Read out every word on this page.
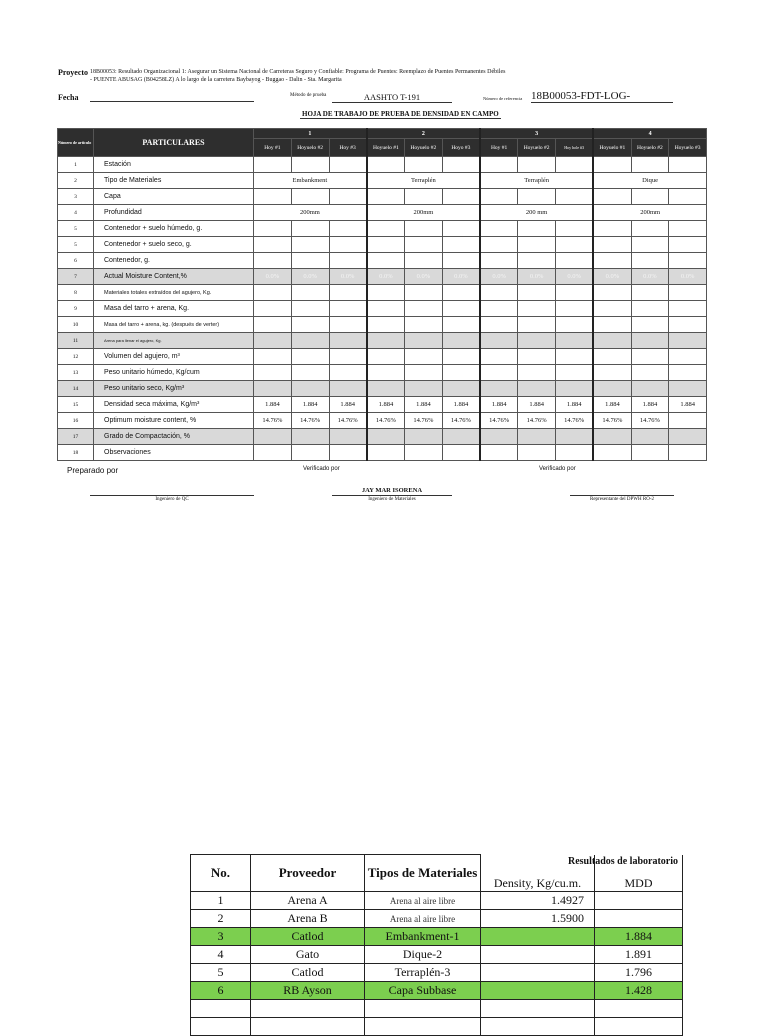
Proyecto 18B00053: Resultado Organizacional 1: Asegurar un Sistema Nacional de Carreteras Seguro y Confiable: Programa de Puentes: Reemplazo de Puentes Permanentes Débiles
- PUENTE ABUSAG (B04258LZ) A lo largo de la carretera Baybayog - Buggao - Dalin - Sta. Margarita
Fecha	Método de prueba	AASHTO T-191	Número de referencia 18B00053-FDT-LOG-
HOJA DE TRABAJO DE PRUEBA DE DENSIDAD EN CAMPO
Número de artículo	PARTICULARES	1			2			3			4		
		Hoy #1	Hoyuelo #2	Hoy #3	Hoyuelo #1	Hoyuelo #2	Hoyo #3	Hoy #1	Hoyuelo #2	Hoy hole #3	Hoyuelo #1	Hoyuelo #2	Hoyuelo #3
1	Estación												
2	Tipo de Materiales	Embankment			Terraplén			Terraplén			Dique		
3	Capa												
4	Profundidad	200mm			200mm			200 mm			200mm		
5	Contenedor + suelo húmedo, g.												
5	Contenedor + suelo seco, g.												
6	Contenedor, g.												
7	Actual Moisture Content,%	0.0%	0.0%	0.0%	0.0%	0.0%	0.0%	0.0%	0.0%	0.0%	0.0%	0.0%	0.0%
8	Materiales totales extraídos del agujero, Kg.												
9	Masa del tarro + arena, Kg.												
10	Masa del tarro + arena, kg. (después de verter)												
11	Arena para llenar el agujero, Kg.												
12	Volumen del agujero, m³												
13	Peso unitario húmedo, Kg/cum												
14	Peso unitario seco, Kg/m³												
15	Densidad seca máxima, Kg/m³	1.884	1.884	1.884	1.884	1.884	1.884	1.884	1.884	1.884	1.884	1.884	1.884
16	Optimum moisture content, %	14.76%	14.76%	14.76%	14.76%	14.76%	14.76%	14.76%	14.76%	14.76%	14.76%	14.76%	
17	Grado de Compactación, %												
18	Observaciones												
Preparado por	Verificado por	Verificado por
Ingeniero de QC
JAY MAR ISORENA
Ingeniero de Materiales	Representante del DPWH RO-2
Resultados de laboratorio
No.	Proveedor	Tipos de Materiales	Density, Kg/cu.m.	MDD
1	Arena A	Arena al aire libre	1.4927	
2	Arena B	Arena al aire libre	1.5900	
3	Catlod	Embankment-1		1.884
4	Gato	Dique-2		1.891
5	Catlod	Terraplén-3		1.796
6	RB Ayson	Capa Subbase		1.428
